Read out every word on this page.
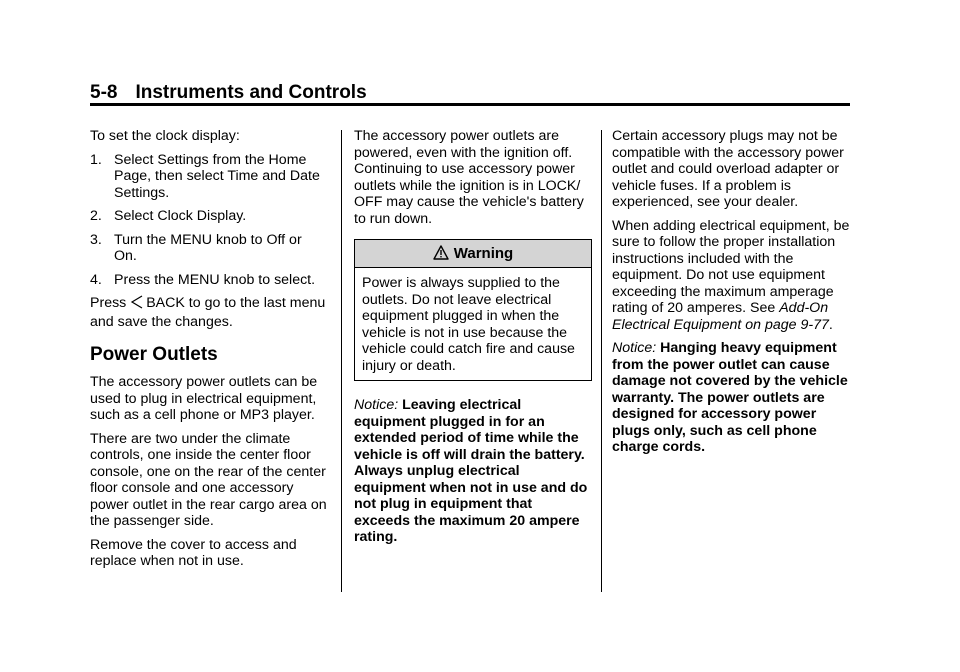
5-8 Instruments and Controls

To set the clock display:

1. Select Settings from the Home Page, then select Time and Date Settings.
2. Select Clock Display.
3. Turn the MENU knob to Off or On.
4. Press the MENU knob to select.

Press BACK to go to the last menu and save the changes.

Power Outlets

The accessory power outlets can be used to plug in electrical equipment, such as a cell phone or MP3 player.

There are two under the climate controls, one inside the center floor console, one on the rear of the center floor console and one accessory power outlet in the rear cargo area on the passenger side.

Remove the cover to access and replace when not in use.

The accessory power outlets are powered, even with the ignition off. Continuing to use accessory power outlets while the ignition is in LOCK/ OFF may cause the vehicle's battery to run down.

Warning
Power is always supplied to the outlets. Do not leave electrical equipment plugged in when the vehicle is not in use because the vehicle could catch fire and cause injury or death.

Notice: Leaving electrical equipment plugged in for an extended period of time while the vehicle is off will drain the battery. Always unplug electrical equipment when not in use and do not plug in equipment that exceeds the maximum 20 ampere rating.

Certain accessory plugs may not be compatible with the accessory power outlet and could overload adapter or vehicle fuses. If a problem is experienced, see your dealer.

When adding electrical equipment, be sure to follow the proper installation instructions included with the equipment. Do not use equipment exceeding the maximum amperage rating of 20 amperes. See Add-On Electrical Equipment on page 9-77.

Notice: Hanging heavy equipment from the power outlet can cause damage not covered by the vehicle warranty. The power outlets are designed for accessory power plugs only, such as cell phone charge cords.
